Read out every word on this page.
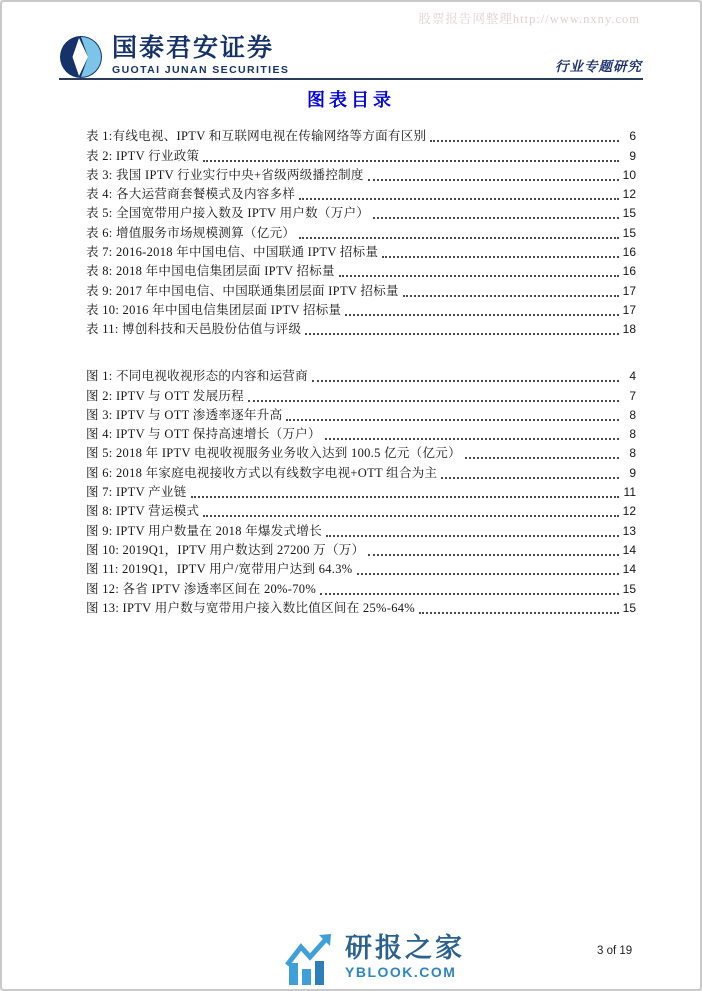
股票报告网整理http://www.nxny.com
国泰君安证券
GUOTAI JUNAN SECURITIES	行业专题研究
图表目录
表 1:有线电视、IPTV 和互联网电视在传输网络等方面有区别	6
表 2: IPTV 行业政策	9
表 3: 我国 IPTV 行业实行中央+省级两级播控制度	10
表 4: 各大运营商套餐模式及内容多样	12
表 5: 全国宽带用户接入数及 IPTV 用户数（万户）	15
表 6: 增值服务市场规模测算（亿元）	15
表 7: 2016-2018 年中国电信、中国联通 IPTV 招标量	16
表 8: 2018 年中国电信集团层面 IPTV 招标量	16
表 9: 2017 年中国电信、中国联通集团层面 IPTV 招标量	17
表 10: 2016 年中国电信集团层面 IPTV 招标量	17
表 11: 博创科技和天邑股份估值与评级	18
图 1: 不同电视收视形态的内容和运营商	4
图 2: IPTV 与 OTT 发展历程	7
图 3: IPTV 与 OTT 渗透率逐年升高	8
图 4: IPTV 与 OTT 保持高速增长（万户）	8
图 5: 2018 年 IPTV 电视收视服务业务收入达到 100.5 亿元（亿元）	8
图 6: 2018 年家庭电视接收方式以有线数字电视+OTT 组合为主	9
图 7: IPTV 产业链	11
图 8: IPTV 营运模式	12
图 9: IPTV 用户数量在 2018 年爆发式增长	13
图 10: 2019Q1，IPTV 用户数达到 27200 万（万）	14
图 11: 2019Q1，IPTV 用户/宽带用户达到 64.3%	14
图 12: 各省 IPTV 渗透率区间在 20%-70%	15
图 13: IPTV 用户数与宽带用户接入数比值区间在 25%-64%	15
研报之家
YBLOOK.COM
3 of 19
